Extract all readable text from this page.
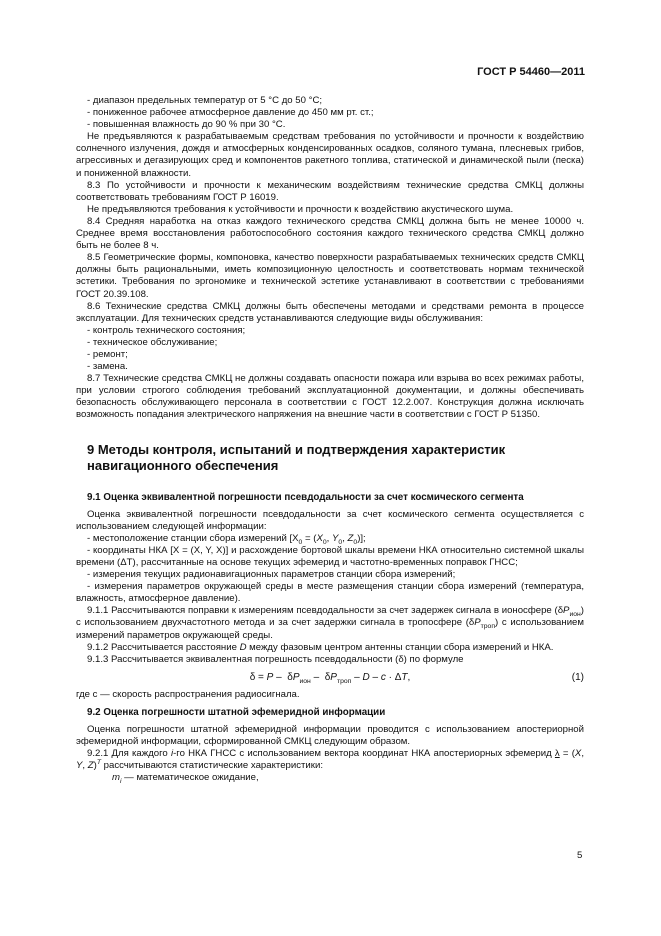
ГОСТ Р 54460—2011

- диапазон предельных температур от 5 °С до 50 °С;

- пониженное рабочее атмосферное давление до 450 мм рт. ст.;

- повышенная влажность до 90 % при 30 °С.

Не предъявляются к разрабатываемым средствам требования по устойчивости и прочности к воздействию солнечного излучения, дождя и атмосферных конденсированных осадков, соляного тумана, плесневых грибов, агрессивных и дегазирующих сред и компонентов ракетного топлива, статической и динамической пыли (песка) и пониженной влажности.

8.3 По устойчивости и прочности к механическим воздействиям технические средства СМКЦ должны соответствовать требованиям ГОСТ Р 16019.

Не предъявляются требования к устойчивости и прочности к воздействию акустического шума.

8.4 Средняя наработка на отказ каждого технического средства СМКЦ должна быть не менее 10000 ч. Среднее время восстановления работоспособного состояния каждого технического средства СМКЦ должно быть не более 8 ч.

8.5 Геометрические формы, компоновка, качество поверхности разрабатываемых технических средств СМКЦ должны быть рациональными, иметь композиционную целостность и соответствовать нормам технической эстетики. Требования по эргономике и технической эстетике устанавливают в соответствии с требованиями ГОСТ 20.39.108.

8.6 Технические средства СМКЦ должны быть обеспечены методами и средствами ремонта в процессе эксплуатации. Для технических средств устанавливаются следующие виды обслуживания:

- контроль технического состояния;

- техническое обслуживание;

- ремонт;

- замена.

8.7 Технические средства СМКЦ не должны создавать опасности пожара или взрыва во всех режимах работы, при условии строгого соблюдения требований эксплуатационной документации, и должны обеспечивать безопасность обслуживающего персонала в соответствии с ГОСТ 12.2.007. Конструкция должна исключать возможность попадания электрического напряжения на внешние части в соответствии с ГОСТ Р 51350.

9 Методы контроля, испытаний и подтверждения характеристик навигационного обеспечения

9.1 Оценка эквивалентной погрешности псевдодальности за счет космического сегмента

Оценка эквивалентной погрешности псевдодальности за счет космического сегмента осуществляется с использованием следующей информации:

- местоположение станции сбора измерений [$X_0 = (X_0$, $Y_0$, $Z_0$)];

- координаты НКА [X = (X, Y, X)] и расхождение бортовой шкалы времени НКА относительно системной шкалы времени (ΔT), рассчитанные на основе текущих эфемерид и частотно-временных поправок ГНСС;

- измерения текущих радионавигационных параметров станции сбора измерений;

- измерения параметров окружающей среды в месте размещения станции сбора измерений (температура, влажность, атмосферное давление).

9.1.1 Рассчитываются поправки к измерениям псевдодальности за счет задержек сигнала в ионосфере $(\delta P_{ион})$ с использованием двухчастотного метода и за счет задержки сигнала в тропосфере $(\delta P_{троп})$ с использованием измерений параметров окружающей среды.

9.1.2 Рассчитывается расстояние D между фазовым центром антенны станции сбора измерений и НКА.

9.1.3 Рассчитывается эквивалентная погрешность псевдодальности (δ) по формуле

$\delta = P - \delta P_{ион} - \delta P_{троп} - D - c \cdot \Delta T$,	(1)

где с — скорость распространения радиосигнала.

9.2 Оценка погрешности штатной эфемеридной информации

Оценка погрешности штатной эфемеридной информации проводится с использованием апостериорной эфемеридной информации, сформированной СМКЦ следующим образом.

9.2.1 Для каждого i-го НКА ГНСС с использованием вектора координат НКА апостериорных эфемерид λ = (X, Y, Z)$^T$ рассчитываются статистические характеристики:

$m_i$ — математическое ожидание,

5
